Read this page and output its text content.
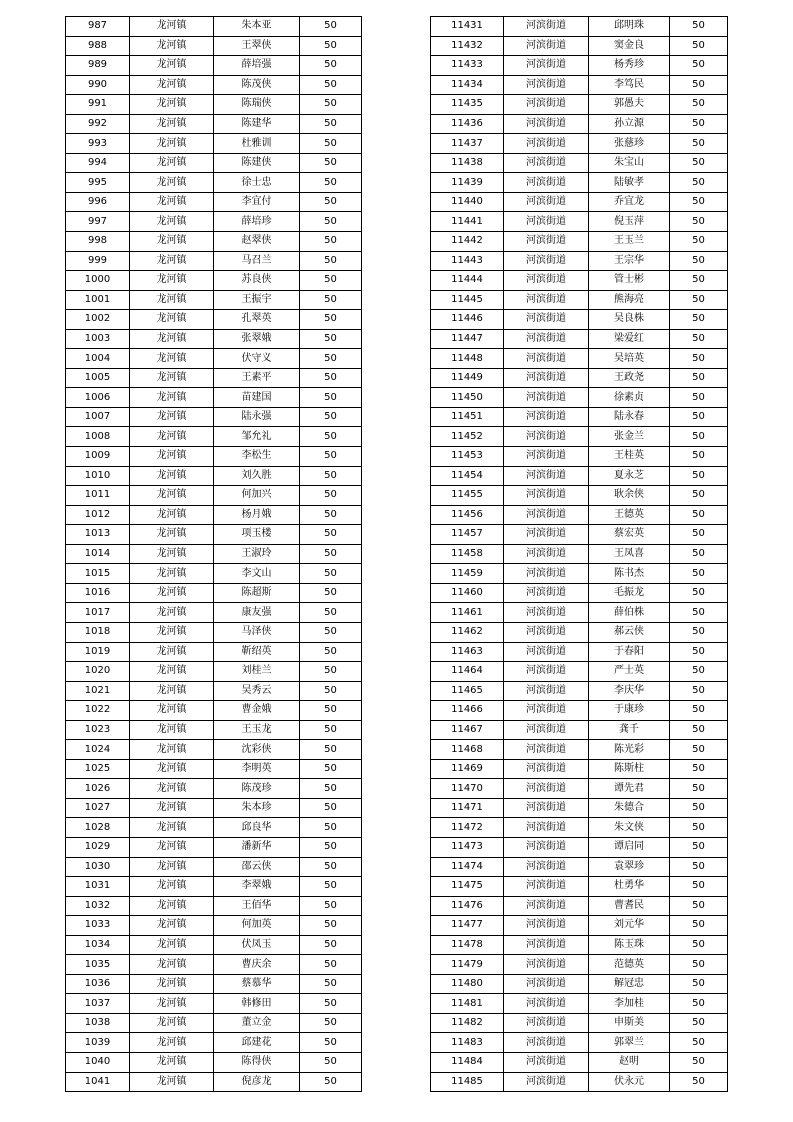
987	龙河镇	朱本亚	50
988	龙河镇	王翠侠	50
989	龙河镇	薛培强	50
990	龙河镇	陈茂侠	50
991	龙河镇	陈瑞侠	50
992	龙河镇	陈建华	50
993	龙河镇	杜雅训	50
994	龙河镇	陈建侠	50
995	龙河镇	徐士忠	50
996	龙河镇	李宜付	50
997	龙河镇	薛培珍	50
998	龙河镇	赵翠侠	50
999	龙河镇	马召兰	50
1000	龙河镇	苏良侠	50
1001	龙河镇	王振宇	50
1002	龙河镇	孔翠英	50
1003	龙河镇	张翠娥	50
1004	龙河镇	伏守义	50
1005	龙河镇	王素平	50
1006	龙河镇	苗建国	50
1007	龙河镇	陆永强	50
1008	龙河镇	邹允礼	50
1009	龙河镇	李松生	50
1010	龙河镇	刘久胜	50
1011	龙河镇	何加兴	50
1012	龙河镇	杨月娥	50
1013	龙河镇	项玉楼	50
1014	龙河镇	王淑玲	50
1015	龙河镇	李文山	50
1016	龙河镇	陈超斯	50
1017	龙河镇	康友强	50
1018	龙河镇	马泽侠	50
1019	龙河镇	靳绍英	50
1020	龙河镇	刘桂兰	50
1021	龙河镇	吴秀云	50
1022	龙河镇	曹金娥	50
1023	龙河镇	王玉龙	50
1024	龙河镇	沈彩侠	50
1025	龙河镇	李明英	50
1026	龙河镇	陈茂珍	50
1027	龙河镇	朱本珍	50
1028	龙河镇	邱良华	50
1029	龙河镇	潘新华	50
1030	龙河镇	邵云侠	50
1031	龙河镇	李翠娥	50
1032	龙河镇	王佰华	50
1033	龙河镇	何加英	50
1034	龙河镇	伏凤玉	50
1035	龙河镇	曹庆余	50
1036	龙河镇	蔡慕华	50
1037	龙河镇	韩修田	50
1038	龙河镇	董立金	50
1039	龙河镇	邱建花	50
1040	龙河镇	陈得侠	50
1041	龙河镇	倪彦龙	50
11431	河滨街道	邱明珠	50
11432	河滨街道	窦金良	50
11433	河滨街道	杨秀珍	50
11434	河滨街道	李笃民	50
11435	河滨街道	郭愚夫	50
11436	河滨街道	孙立源	50
11437	河滨街道	张慈珍	50
11438	河滨街道	朱宝山	50
11439	河滨街道	陆敏孝	50
11440	河滨街道	乔宜龙	50
11441	河滨街道	倪玉萍	50
11442	河滨街道	王玉兰	50
11443	河滨街道	王宗华	50
11444	河滨街道	管士彬	50
11445	河滨街道	熊海亮	50
11446	河滨街道	吴良株	50
11447	河滨街道	梁爱红	50
11448	河滨街道	吴培英	50
11449	河滨街道	王政尧	50
11450	河滨街道	徐素贞	50
11451	河滨街道	陆永春	50
11452	河滨街道	张金兰	50
11453	河滨街道	王桂英	50
11454	河滨街道	夏永芝	50
11455	河滨街道	耿余侠	50
11456	河滨街道	王德英	50
11457	河滨街道	蔡宏英	50
11458	河滨街道	王凤喜	50
11459	河滨街道	陈书杰	50
11460	河滨街道	毛振龙	50
11461	河滨街道	薛伯株	50
11462	河滨街道	郝云侠	50
11463	河滨街道	于春阳	50
11464	河滨街道	严士英	50
11465	河滨街道	李庆华	50
11466	河滨街道	于康珍	50
11467	河滨街道	龚千	50
11468	河滨街道	陈光彩	50
11469	河滨街道	陈斯柱	50
11470	河滨街道	谭先君	50
11471	河滨街道	朱德合	50
11472	河滨街道	朱文侠	50
11473	河滨街道	谭启同	50
11474	河滨街道	袁翠珍	50
11475	河滨街道	杜勇华	50
11476	河滨街道	曹耆民	50
11477	河滨街道	刘元华	50
11478	河滨街道	陈玉珠	50
11479	河滨街道	范德英	50
11480	河滨街道	解冠忠	50
11481	河滨街道	李加桂	50
11482	河滨街道	申斯美	50
11483	河滨街道	郭翠兰	50
11484	河滨街道	赵明	50
11485	河滨街道	伏永元	50
